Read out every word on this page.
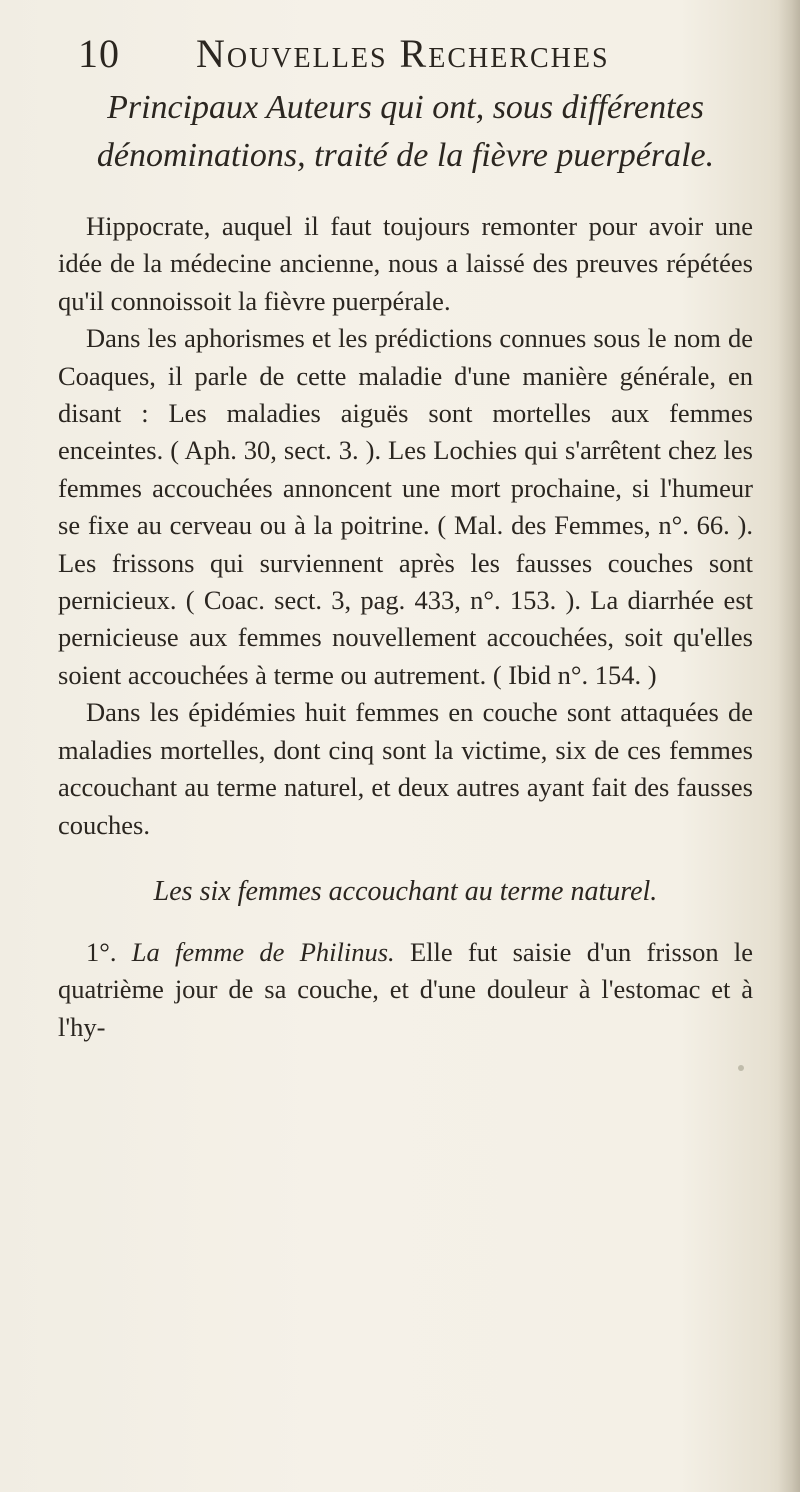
10 Nouvelles Recherches
Principaux Auteurs qui ont, sous différentes dénominations, traité de la fièvre puerpérale.

Hippocrate, auquel il faut toujours remonter pour avoir une idée de la médecine ancienne, nous a laissé des preuves répétées qu'il connoissoit la fièvre puerpérale.

Dans les aphorismes et les prédictions connues sous le nom de Coaques, il parle de cette maladie d'une manière générale, en disant : Les maladies aiguës sont mortelles aux femmes enceintes. ( Aph. 30, sect. 3. ). Les Lochies qui s'arrêtent chez les femmes accouchées annoncent une mort prochaine, si l'humeur se fixe au cerveau ou à la poitrine. ( Mal. des Femmes, n°. 66. ). Les frissons qui surviennent après les fausses couches sont pernicieux. ( Coac. sect. 3, pag. 433, n°. 153. ). La diarrhée est pernicieuse aux femmes nouvellement accouchées, soit qu'elles soient accouchées à terme ou autrement. ( Ibid n°. 154. )

Dans les épidémies huit femmes en couche sont attaquées de maladies mortelles, dont cinq sont la victime, six de ces femmes accouchant au terme naturel, et deux autres ayant fait des fausses couches.

Les six femmes accouchant au terme naturel.

1°. La femme de Philinus. Elle fut saisie d'un frisson le quatrième jour de sa couche, et d'une douleur à l'estomac et à l'hy-
